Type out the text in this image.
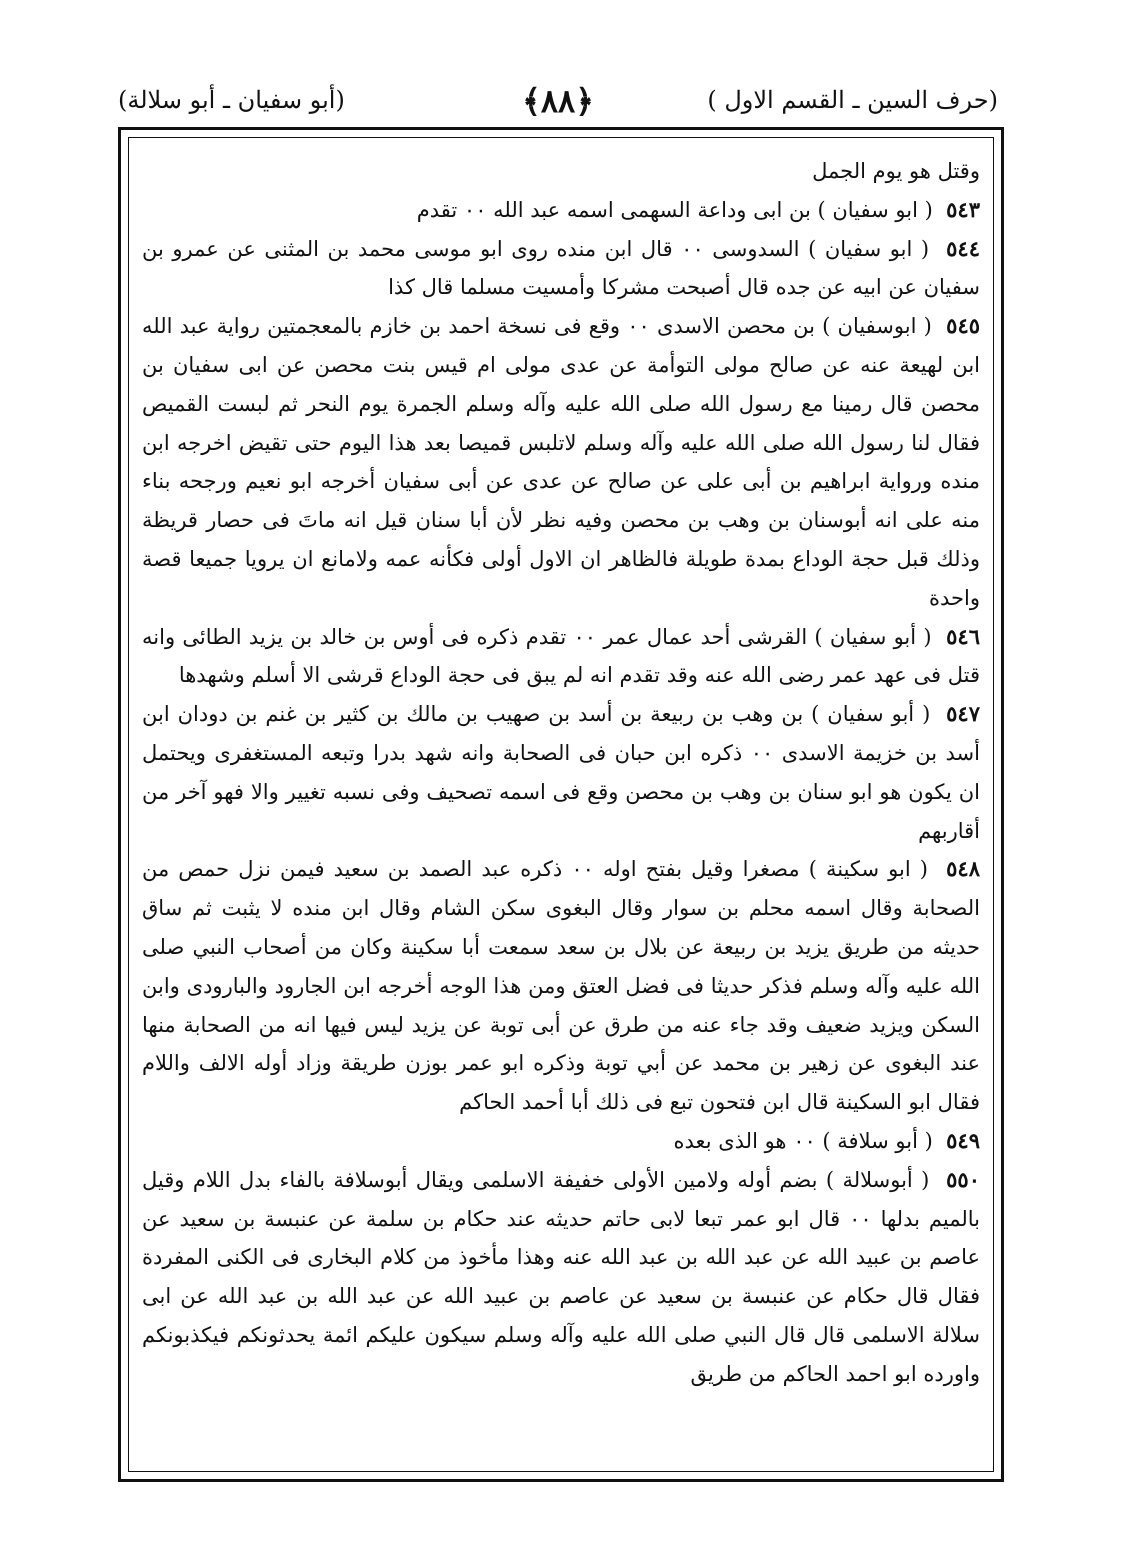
(حرف السين ـ القسم الاول )
﴿٨٨﴾
(أبو سفيان ـ أبو سلالة)

وقتل هو يوم الجمل

٥٤٣  ( ابو سفيان ) بن ابى وداعة السهمى اسمه عبد الله ٠٠ تقدم

٥٤٤  ( ابو سفيان ) السدوسى ٠٠ قال ابن منده روى ابو موسى محمد بن المثنى عن عمرو بن سفيان عن ابيه عن جده قال أصبحت مشركا وأمسيت مسلما قال كذا

٥٤٥  ( ابوسفيان ) بن محصن الاسدى ٠٠ وقع فى نسخة احمد بن خازم بالمعجمتين رواية عبد الله ابن لهيعة عنه عن صالح مولى التوأمة عن عدى مولى ام قيس بنت محصن عن ابى سفيان بن محصن قال رمينا مع رسول الله صلى الله عليه وآله وسلم الجمرة يوم النحر ثم لبست القميص فقال لنا رسول الله صلى الله عليه وآله وسلم لاتلبس قميصا بعد هذا اليوم حتى تقيض اخرجه ابن منده ورواية ابراهيم بن أبى على عن صالح عن عدى عن أبى سفيان أخرجه ابو نعيم ورجحه بناء منه على انه أبوسنان بن وهب بن محصن وفيه نظر لأن أبا سنان قيل انه ماتَ فى حصار قريظة وذلك قبل حجة الوداع بمدة طويلة فالظاهر ان الاول أولى فكأنه عمه ولامانع ان يرويا جميعا قصة واحدة

٥٤٦  ( أبو سفيان ) القرشى أحد عمال عمر ٠٠ تقدم ذكره فى أوس بن خالد بن يزيد الطائى وانه قتل فى عهد عمر رضى الله عنه وقد تقدم انه لم يبق فى حجة الوداع قرشى الا أسلم وشهدها

٥٤٧  ( أبو سفيان ) بن وهب بن ربيعة بن أسد بن صهيب بن مالك بن كثير بن غنم بن دودان ابن أسد بن خزيمة الاسدى ٠٠ ذكره ابن حبان فى الصحابة وانه شهد بدرا وتبعه المستغفرى ويحتمل ان يكون هو ابو سنان بن وهب بن محصن وقع فى اسمه تصحيف وفى نسبه تغيير والا فهو آخر من أقاربهم

٥٤٨  ( ابو سكينة ) مصغرا وقيل بفتح اوله ٠٠ ذكره عبد الصمد بن سعيد فيمن نزل حمص من الصحابة وقال اسمه محلم بن سوار وقال البغوى سكن الشام وقال ابن منده لا يثبت ثم ساق حديثه من طريق يزيد بن ربيعة عن بلال بن سعد سمعت أبا سكينة وكان من أصحاب النبي صلى الله عليه وآله وسلم فذكر حديثا فى فضل العتق ومن هذا الوجه أخرجه ابن الجارود والبارودى وابن السكن ويزيد ضعيف وقد جاء عنه من طرق عن أبى توبة عن يزيد ليس فيها انه من الصحابة منها عند البغوى عن زهير بن محمد عن أبي توبة وذكره ابو عمر بوزن طريقة وزاد أوله الالف واللام فقال ابو السكينة قال ابن فتحون تبع فى ذلك أبا أحمد الحاكم

٥٤٩  ( أبو سلافة ) ٠٠ هو الذى بعده

٥٥٠  ( أبوسلالة ) بضم أوله ولامين الأولى خفيفة الاسلمى ويقال أبوسلافة بالفاء بدل اللام وقيل بالميم بدلها ٠٠ قال ابو عمر تبعا لابى حاتم حديثه عند حكام بن سلمة عن عنبسة بن سعيد عن عاصم بن عبيد الله عن عبد الله بن عبد الله عنه وهذا مأخوذ من كلام البخارى فى الكنى المفردة فقال قال حكام عن عنبسة بن سعيد عن عاصم بن عبيد الله عن عبد الله بن عبد الله عن ابى سلالة الاسلمى قال قال النبي صلى الله عليه وآله وسلم سيكون عليكم ائمة يحدثونكم فيكذبونكم واورده ابو احمد الحاكم من طريق
